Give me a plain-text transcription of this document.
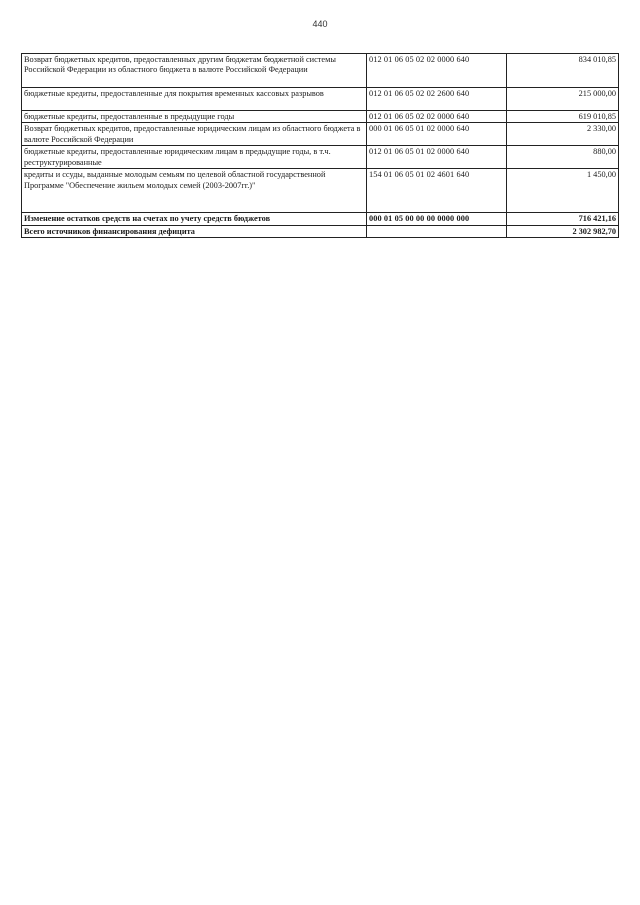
440
Возврат бюджетных кредитов, предоставленных другим бюджетам бюджетной системы Российской Федерации из областного бюджета в валюте Российской Федерации	012 01 06 05 02 02 0000 640	834 010,85
бюджетные кредиты, предоставленные для покрытия временных кассовых разрывов	012 01 06 05 02 02 2600 640	215 000,00
бюджетные кредиты, предоставленные в предыдущие годы	012 01 06 05 02 02 0000 640	619 010,85
Возврат бюджетных кредитов, предоставленные юридическим лицам из областного бюджета в валюте Российской Федерации	000 01 06 05 01 02 0000 640	2 330,00
бюджетные кредиты, предоставленные юридическим лицам в предыдущие годы, в т.ч. реструктурированные	012 01 06 05 01 02 0000 640	880,00
кредиты и ссуды, выданные молодым семьям по целевой областной государственной Программе "Обеспечение жильем молодых семей (2003-2007гг.)"	154 01 06 05 01 02 4601 640	1 450,00
Изменение остатков средств на счетах по учету средств бюджетов	000 01 05 00 00 00 0000 000	716 421,16
Всего источников финансирования дефицита		2 302 982,70
